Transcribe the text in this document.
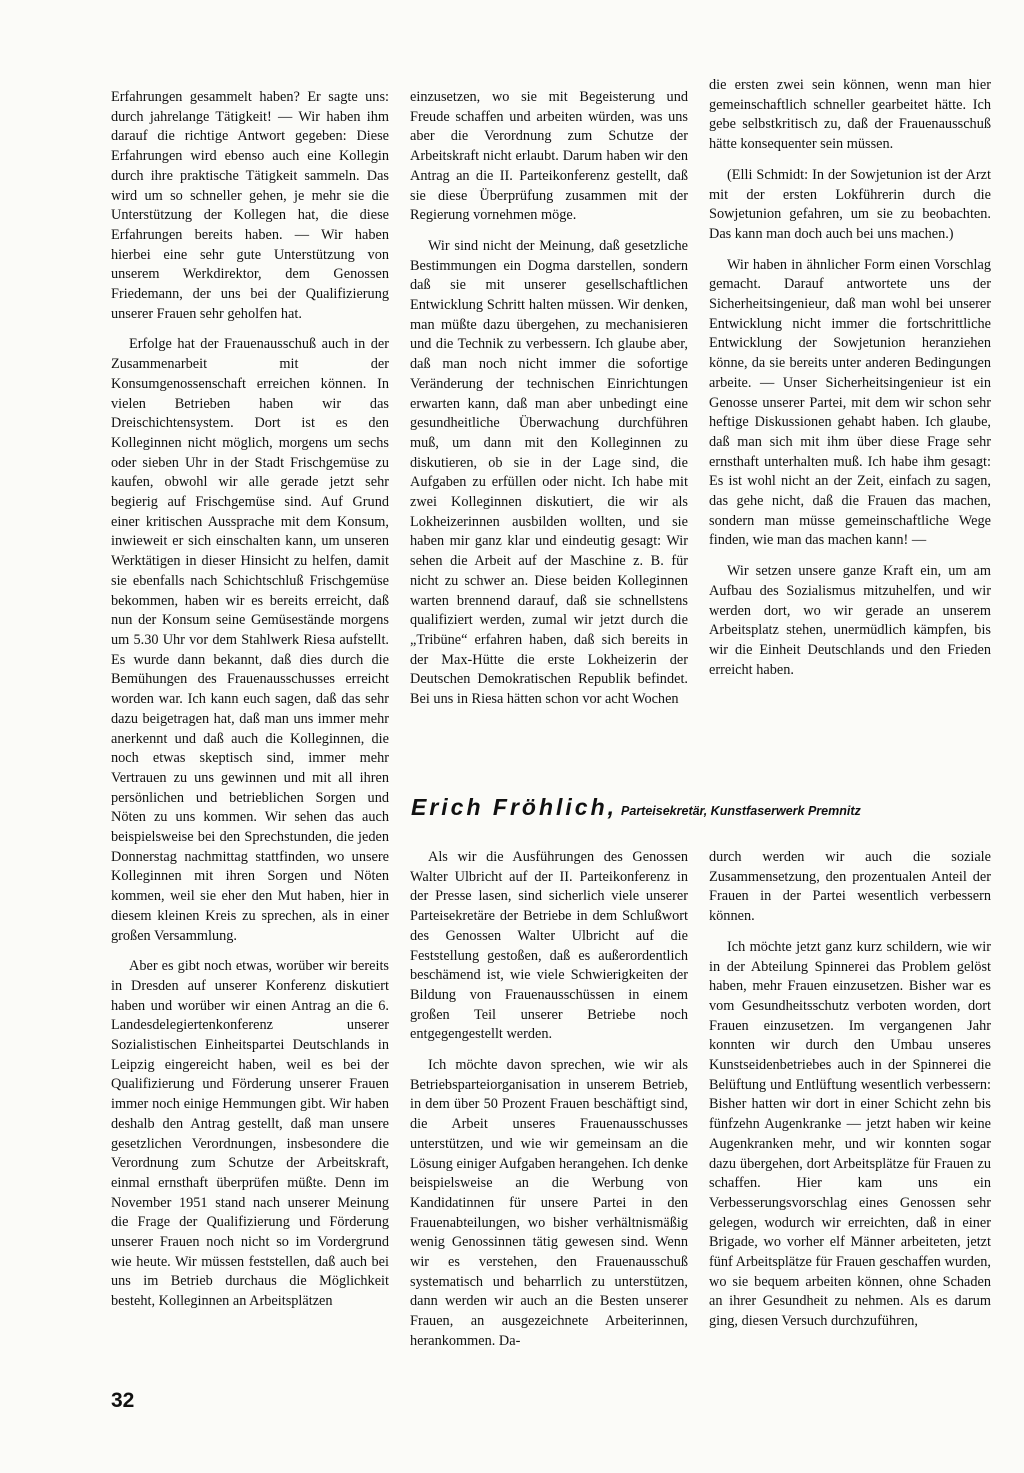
Erfahrungen gesammelt haben? Er sagte uns: durch jahrelange Tätigkeit! — Wir haben ihm darauf die richtige Antwort gegeben: Diese Erfahrungen wird ebenso auch eine Kollegin durch ihre praktische Tätigkeit sammeln. Das wird um so schneller gehen, je mehr sie die Unterstützung der Kollegen hat, die diese Erfahrungen bereits haben. — Wir haben hierbei eine sehr gute Unterstützung von unserem Werkdirektor, dem Genossen Friedemann, der uns bei der Qualifizierung unserer Frauen sehr geholfen hat.

Erfolge hat der Frauenausschuß auch in der Zusammenarbeit mit der Konsumgenossenschaft erreichen können. In vielen Betrieben haben wir das Dreischichtensystem. Dort ist es den Kolleginnen nicht möglich, morgens um sechs oder sieben Uhr in der Stadt Frischgemüse zu kaufen, obwohl wir alle gerade jetzt sehr begierig auf Frischgemüse sind. Auf Grund einer kritischen Aussprache mit dem Konsum, inwieweit er sich einschalten kann, um unseren Werktätigen in dieser Hinsicht zu helfen, damit sie ebenfalls nach Schichtschluß Frischgemüse bekommen, haben wir es bereits erreicht, daß nun der Konsum seine Gemüsestände morgens um 5.30 Uhr vor dem Stahlwerk Riesa aufstellt. Es wurde dann bekannt, daß dies durch die Bemühungen des Frauenausschusses erreicht worden war. Ich kann euch sagen, daß das sehr dazu beigetragen hat, daß man uns immer mehr anerkennt und daß auch die Kolleginnen, die noch etwas skeptisch sind, immer mehr Vertrauen zu uns gewinnen und mit all ihren persönlichen und betrieblichen Sorgen und Nöten zu uns kommen. Wir sehen das auch beispielsweise bei den Sprechstunden, die jeden Donnerstag nachmittag stattfinden, wo unsere Kolleginnen mit ihren Sorgen und Nöten kommen, weil sie eher den Mut haben, hier in diesem kleinen Kreis zu sprechen, als in einer großen Versammlung.

Aber es gibt noch etwas, worüber wir bereits in Dresden auf unserer Konferenz diskutiert haben und worüber wir einen Antrag an die 6. Landesdelegiertenkonferenz unserer Sozialistischen Einheitspartei Deutschlands in Leipzig eingereicht haben, weil es bei der Qualifizierung und Förderung unserer Frauen immer noch einige Hemmungen gibt. Wir haben deshalb den Antrag gestellt, daß man unsere gesetzlichen Verordnungen, insbesondere die Verordnung zum Schutze der Arbeitskraft, einmal ernsthaft überprüfen müßte. Denn im November 1951 stand nach unserer Meinung die Frage der Qualifizierung und Förderung unserer Frauen noch nicht so im Vordergrund wie heute. Wir müssen feststellen, daß auch bei uns im Betrieb durchaus die Möglichkeit besteht, Kolleginnen an Arbeitsplätzen

einzusetzen, wo sie mit Begeisterung und Freude schaffen und arbeiten würden, was uns aber die Verordnung zum Schutze der Arbeitskraft nicht erlaubt. Darum haben wir den Antrag an die II. Parteikonferenz gestellt, daß sie diese Überprüfung zusammen mit der Regierung vornehmen möge.

Wir sind nicht der Meinung, daß gesetzliche Bestimmungen ein Dogma darstellen, sondern daß sie mit unserer gesellschaftlichen Entwicklung Schritt halten müssen. Wir denken, man müßte dazu übergehen, zu mechanisieren und die Technik zu verbessern. Ich glaube aber, daß man noch nicht immer die sofortige Veränderung der technischen Einrichtungen erwarten kann, daß man aber unbedingt eine gesundheitliche Überwachung durchführen muß, um dann mit den Kolleginnen zu diskutieren, ob sie in der Lage sind, die Aufgaben zu erfüllen oder nicht. Ich habe mit zwei Kolleginnen diskutiert, die wir als Lokheizerinnen ausbilden wollten, und sie haben mir ganz klar und eindeutig gesagt: Wir sehen die Arbeit auf der Maschine z. B. für nicht zu schwer an. Diese beiden Kolleginnen warten brennend darauf, daß sie schnellstens qualifiziert werden, zumal wir jetzt durch die „Tribüne“ erfahren haben, daß sich bereits in der Max-Hütte die erste Lokheizerin der Deutschen Demokratischen Republik befindet. Bei uns in Riesa hätten schon vor acht Wochen

die ersten zwei sein können, wenn man hier gemeinschaftlich schneller gearbeitet hätte. Ich gebe selbstkritisch zu, daß der Frauenausschuß hätte konsequenter sein müssen.

(Elli Schmidt: In der Sowjetunion ist der Arzt mit der ersten Lokführerin durch die Sowjetunion gefahren, um sie zu beobachten. Das kann man doch auch bei uns machen.)

Wir haben in ähnlicher Form einen Vorschlag gemacht. Darauf antwortete uns der Sicherheitsingenieur, daß man wohl bei unserer Entwicklung nicht immer die fortschrittliche Entwicklung der Sowjetunion heranziehen könne, da sie bereits unter anderen Bedingungen arbeite. — Unser Sicherheitsingenieur ist ein Genosse unserer Partei, mit dem wir schon sehr heftige Diskussionen gehabt haben. Ich glaube, daß man sich mit ihm über diese Frage sehr ernsthaft unterhalten muß. Ich habe ihm gesagt: Es ist wohl nicht an der Zeit, einfach zu sagen, das gehe nicht, daß die Frauen das machen, sondern man müsse gemeinschaftliche Wege finden, wie man das machen kann! —

Wir setzen unsere ganze Kraft ein, um am Aufbau des Sozialismus mitzuhelfen, und wir werden dort, wo wir gerade an unserem Arbeitsplatz stehen, unermüdlich kämpfen, bis wir die Einheit Deutschlands und den Frieden erreicht haben.

Erich Fröhlich, Parteisekretär, Kunstfaserwerk Premnitz

Als wir die Ausführungen des Genossen Walter Ulbricht auf der II. Parteikonferenz in der Presse lasen, sind sicherlich viele unserer Parteisekretäre der Betriebe in dem Schlußwort des Genossen Walter Ulbricht auf die Feststellung gestoßen, daß es außerordentlich beschämend ist, wie viele Schwierigkeiten der Bildung von Frauenausschüssen in einem großen Teil unserer Betriebe noch entgegengestellt werden.

Ich möchte davon sprechen, wie wir als Betriebsparteiorganisation in unserem Betrieb, in dem über 50 Prozent Frauen beschäftigt sind, die Arbeit unseres Frauenausschusses unterstützen, und wie wir gemeinsam an die Lösung einiger Aufgaben herangehen. Ich denke beispielsweise an die Werbung von Kandidatinnen für unsere Partei in den Frauenabteilungen, wo bisher verhältnismäßig wenig Genossinnen tätig gewesen sind. Wenn wir es verstehen, den Frauenausschuß systematisch und beharrlich zu unterstützen, dann werden wir auch an die Besten unserer Frauen, an ausgezeichnete Arbeiterinnen, herankommen. Da-

durch werden wir auch die soziale Zusammensetzung, den prozentualen Anteil der Frauen in der Partei wesentlich verbessern können.

Ich möchte jetzt ganz kurz schildern, wie wir in der Abteilung Spinnerei das Problem gelöst haben, mehr Frauen einzusetzen. Bisher war es vom Gesundheitsschutz verboten worden, dort Frauen einzusetzen. Im vergangenen Jahr konnten wir durch den Umbau unseres Kunstseidenbetriebes auch in der Spinnerei die Belüftung und Entlüftung wesentlich verbessern: Bisher hatten wir dort in einer Schicht zehn bis fünfzehn Augenkranke — jetzt haben wir keine Augenkranken mehr, und wir konnten sogar dazu übergehen, dort Arbeitsplätze für Frauen zu schaffen. Hier kam uns ein Verbesserungsvorschlag eines Genossen sehr gelegen, wodurch wir erreichten, daß in einer Brigade, wo vorher elf Männer arbeiteten, jetzt fünf Arbeitsplätze für Frauen geschaffen wurden, wo sie bequem arbeiten können, ohne Schaden an ihrer Gesundheit zu nehmen. Als es darum ging, diesen Versuch durchzuführen,

32
